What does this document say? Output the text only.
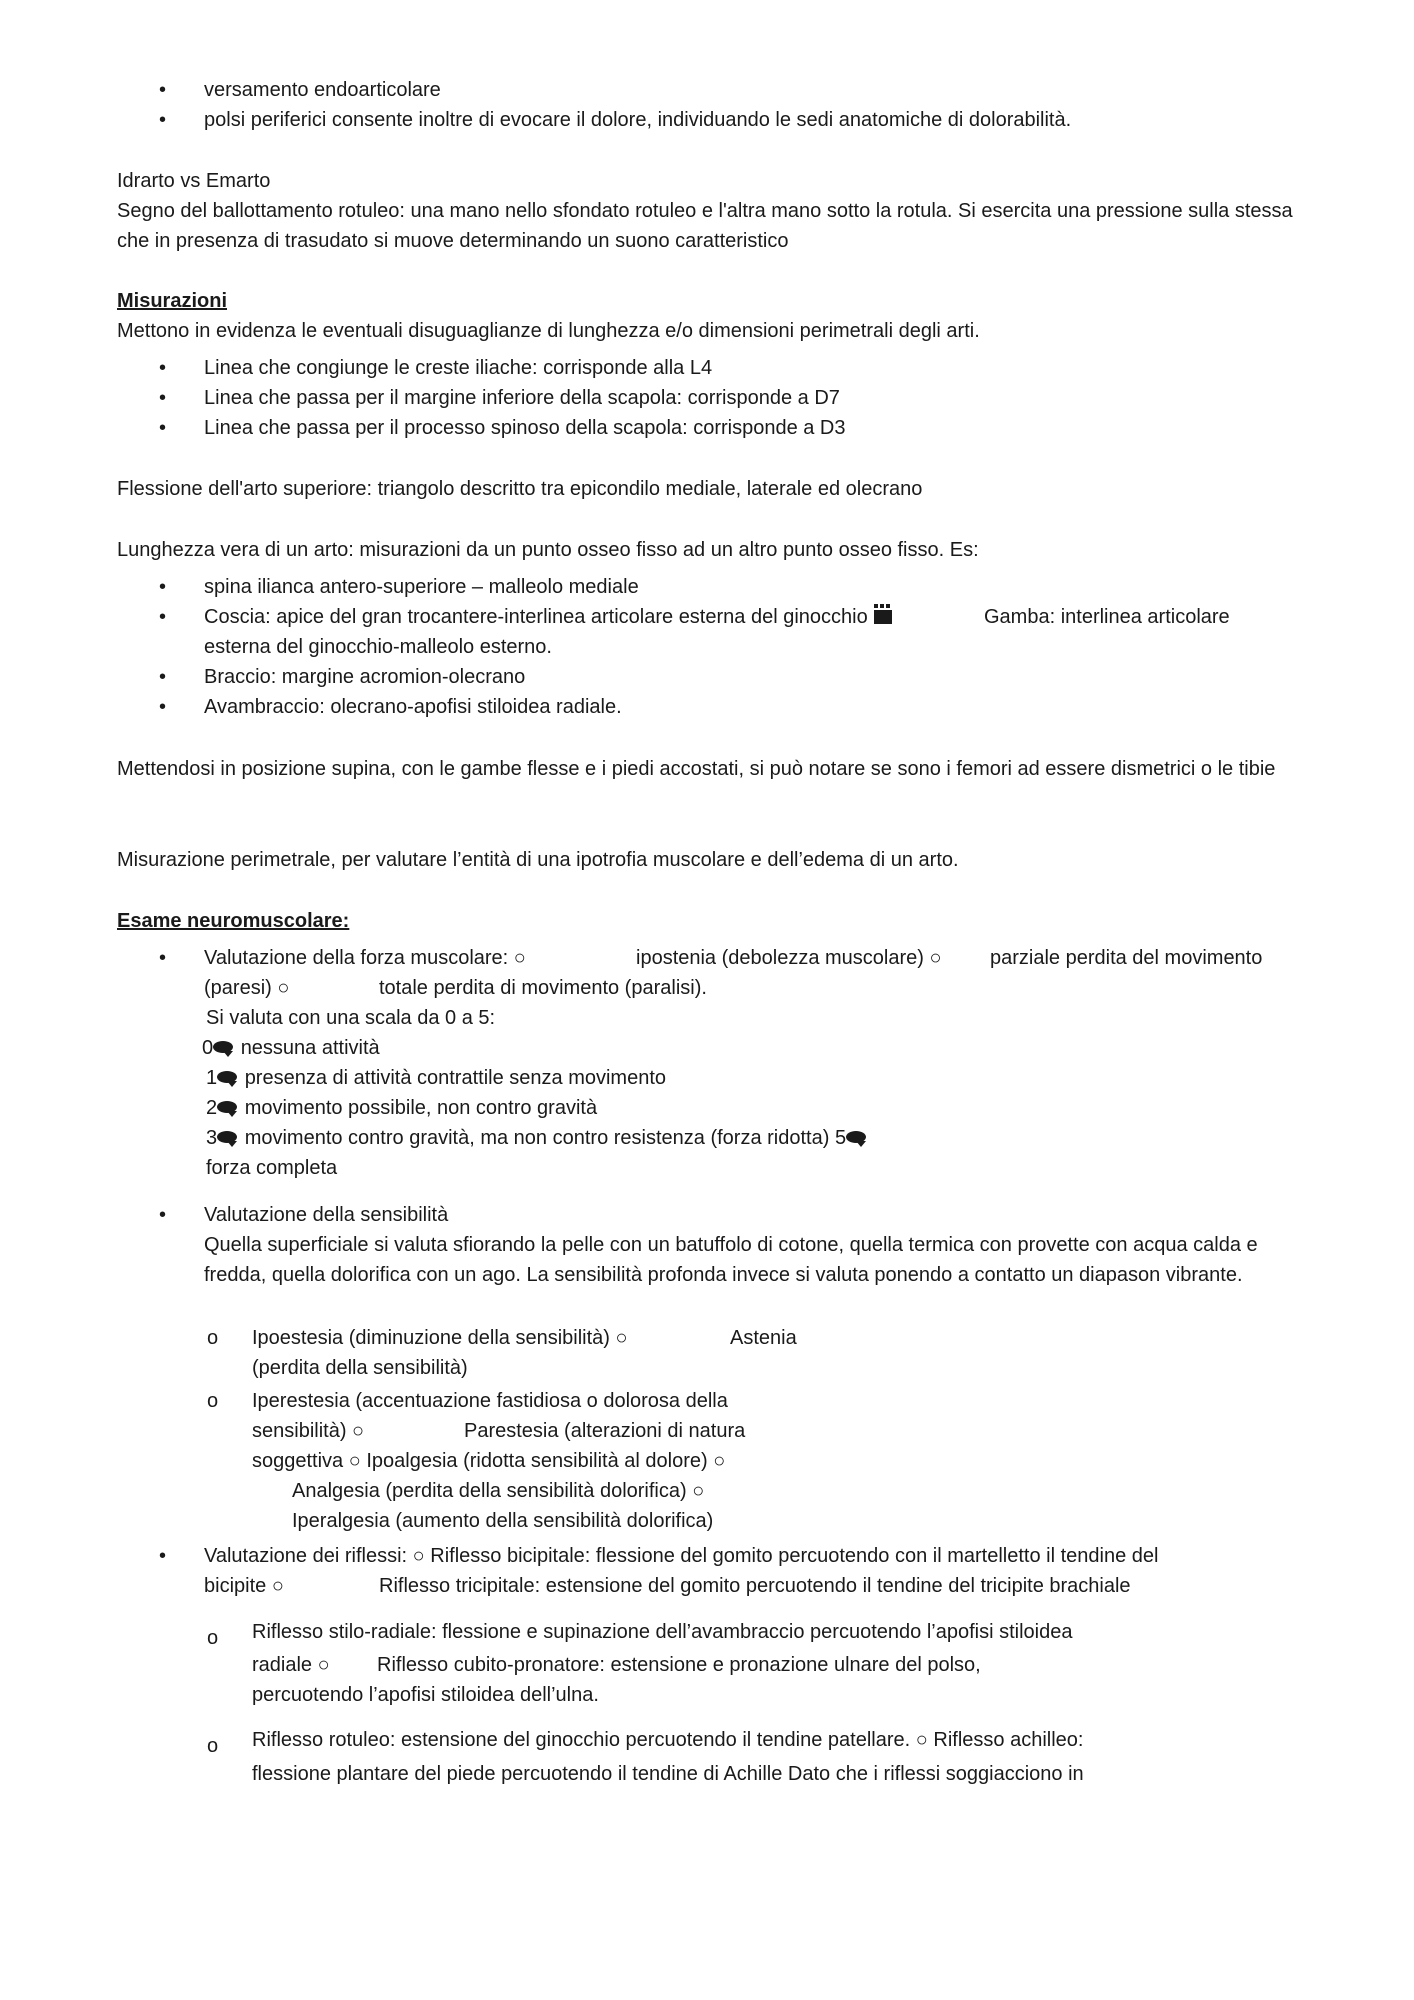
• versamento endoarticolare

• polsi periferici consente inoltre di evocare il dolore, individuando le sedi anatomiche di dolorabilità.

Idrarto vs Emarto

Segno del ballottamento rotuleo: una mano nello sfondato rotuleo e l'altra mano sotto la rotula. Si esercita una pressione sulla stessa che in presenza di trasudato si muove determinando un suono caratteristico

Misurazioni

Mettono in evidenza le eventuali disuguaglianze di lunghezza e/o dimensioni perimetrali degli arti.

• Linea che congiunge le creste iliache: corrisponde alla L4

• Linea che passa per il margine inferiore della scapola: corrisponde a D7

• Linea che passa per il processo spinoso della scapola: corrisponde a D3

Flessione dell'arto superiore: triangolo descritto tra epicondilo mediale, laterale ed olecrano

Lunghezza vera di un arto: misurazioni da un punto osseo fisso ad un altro punto osseo fisso. Es:

• spina ilianca antero-superiore – malleolo mediale

• Coscia: apice del gran trocantere-interlinea articolare esterna del ginocchio	Gamba: interlinea articolare
esterna del ginocchio-malleolo esterno.

• Braccio: margine acromion-olecrano

• Avambraccio: olecrano-apofisi stiloidea radiale.

Mettendosi in posizione supina, con le gambe flesse e i piedi accostati, si può notare se sono i femori ad essere dismetrici o le tibie

Misurazione perimetrale, per valutare l’entità di una ipotrofia muscolare e dell’edema di un arto.

Esame neuromuscolare:

• Valutazione della forza muscolare: ○	ipostenia (debolezza muscolare) ○ parziale perdita del movimento
(paresi) ○	totale perdita di movimento (paralisi).
Si valuta con una scala da 0 a 5:
0 nessuna attività
1 presenza di attività contrattile senza movimento
2 movimento possibile, non contro gravità
3 movimento contro gravità, ma non contro resistenza (forza ridotta) 5
forza completa

• Valutazione della sensibilità

Quella superficiale si valuta sfiorando la pelle con un batuffolo di cotone, quella termica con provette con acqua calda e fredda, quella dolorifica con un ago. La sensibilità profonda invece si valuta ponendo a contatto un diapason vibrante.

o Ipoestesia (diminuzione della sensibilità) ○	Astenia
(perdita della sensibilità)
o Iperestesia (accentuazione fastidiosa o dolorosa della
sensibilità) ○	Parestesia (alterazioni di natura
soggettiva ○ Ipoalgesia (ridotta sensibilità al dolore) ○
Analgesia (perdita della sensibilità dolorifica) ○
Iperalgesia (aumento della sensibilità dolorifica)
• Valutazione dei riflessi: ○ Riflesso bicipitale: flessione del gomito percuotendo con il martelletto il tendine del
bicipite ○	Riflesso tricipitale: estensione del gomito percuotendo il tendine del tricipite brachiale
o Riflesso stilo-radiale: flessione e supinazione dell’avambraccio percuotendo l’apofisi stiloidea
radiale ○ Riflesso cubito-pronatore: estensione e pronazione ulnare del polso,
percuotendo l’apofisi stiloidea dell’ulna.
o Riflesso rotuleo: estensione del ginocchio percuotendo il tendine patellare. ○ Riflesso achilleo:
flessione plantare del piede percuotendo il tendine di Achille Dato che i riflessi soggiacciono in
